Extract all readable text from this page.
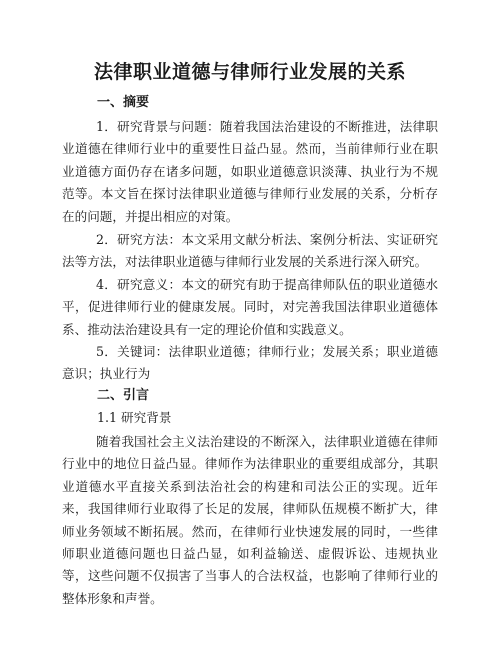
法律职业道德与律师行业发展的关系
一、摘要

1．研究背景与问题：随着我国法治建设的不断推进，法律职业道德在律师行业中的重要性日益凸显。然而，当前律师行业在职业道德方面仍存在诸多问题，如职业道德意识淡薄、执业行为不规范等。本文旨在探讨法律职业道德与律师行业发展的关系，分析存在的问题，并提出相应的对策。

2．研究方法：本文采用文献分析法、案例分析法、实证研究法等方法，对法律职业道德与律师行业发展的关系进行深入研究。

4．研究意义：本文的研究有助于提高律师队伍的职业道德水平，促进律师行业的健康发展。同时，对完善我国法律职业道德体系、推动法治建设具有一定的理论价值和实践意义。

5．关键词：法律职业道德；律师行业；发展关系；职业道德意识；执业行为

二、引言

1.1 研究背景

随着我国社会主义法治建设的不断深入，法律职业道德在律师行业中的地位日益凸显。律师作为法律职业的重要组成部分，其职业道德水平直接关系到法治社会的构建和司法公正的实现。近年来，我国律师行业取得了长足的发展，律师队伍规模不断扩大，律师业务领域不断拓展。然而，在律师行业快速发展的同时，一些律师职业道德问题也日益凸显，如利益输送、虚假诉讼、违规执业等，这些问题不仅损害了当事人的合法权益，也影响了律师行业的整体形象和声誉。
